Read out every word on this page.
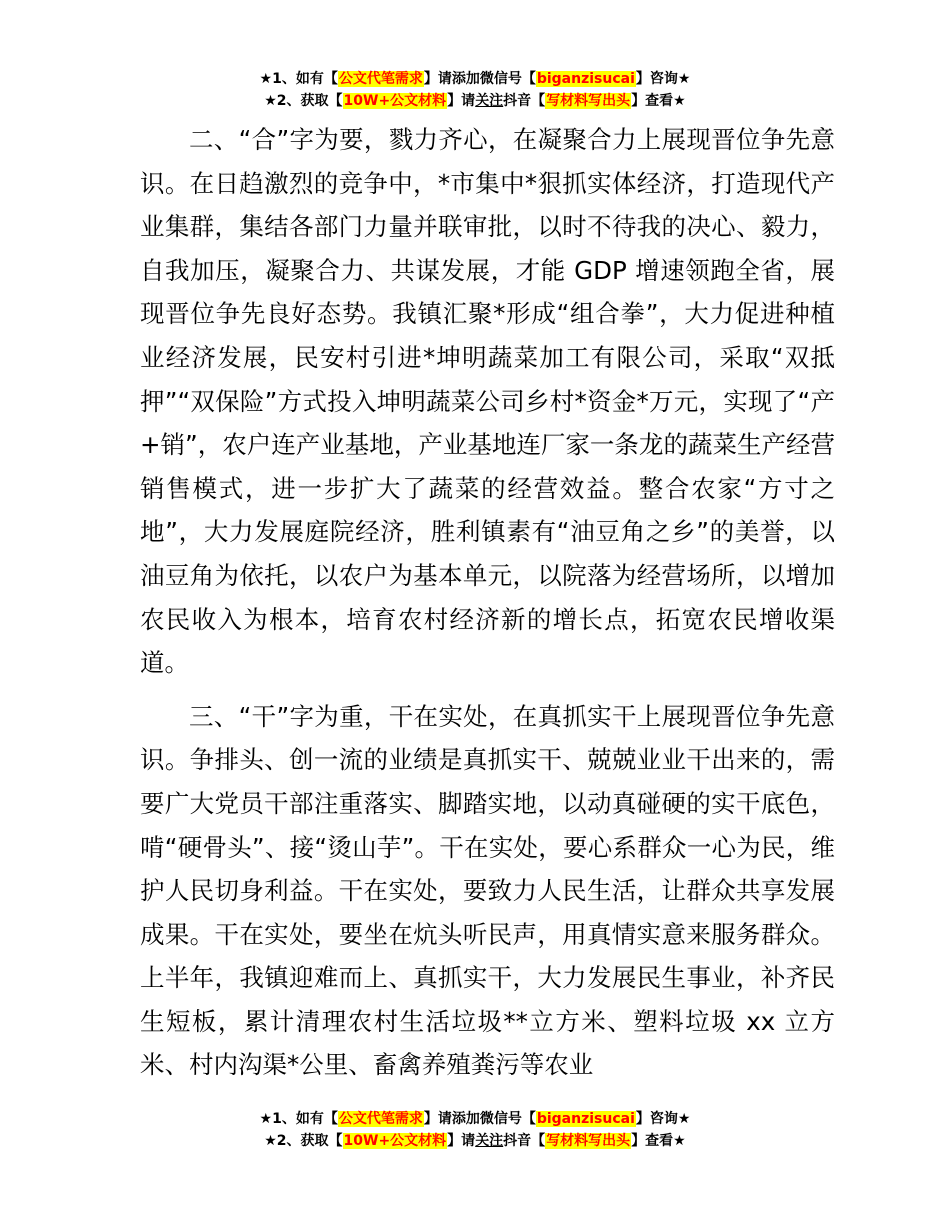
★1、如有【公文代笔需求】请添加微信号【biganzisucai】咨询★
★2、获取【10W+公文材料】请关注抖音【写材料写出头】查看★

二、“合”字为要，戮力齐心，在凝聚合力上展现晋位争先意识。在日趋激烈的竞争中，*市集中*狠抓实体经济，打造现代产业集群，集结各部门力量并联审批，以时不待我的决心、毅力，自我加压，凝聚合力、共谋发展，才能 GDP 增速领跑全省，展现晋位争先良好态势。我镇汇聚*形成“组合拳”，大力促进种植业经济发展，民安村引进*坤明蔬菜加工有限公司，采取“双抵押”“双保险”方式投入坤明蔬菜公司乡村*资金*万元，实现了“产+销”，农户连产业基地，产业基地连厂家一条龙的蔬菜生产经营销售模式，进一步扩大了蔬菜的经营效益。整合农家“方寸之地”，大力发展庭院经济，胜利镇素有“油豆角之乡”的美誉，以油豆角为依托，以农户为基本单元，以院落为经营场所，以增加农民收入为根本，培育农村经济新的增长点，拓宽农民增收渠道。

三、“干”字为重，干在实处，在真抓实干上展现晋位争先意识。争排头、创一流的业绩是真抓实干、兢兢业业干出来的，需要广大党员干部注重落实、脚踏实地，以动真碰硬的实干底色，啃“硬骨头”、接“烫山芋”。干在实处，要心系群众一心为民，维护人民切身利益。干在实处，要致力人民生活，让群众共享发展成果。干在实处，要坐在炕头听民声，用真情实意来服务群众。上半年，我镇迎难而上、真抓实干，大力发展民生事业，补齐民生短板，累计清理农村生活垃圾**立方米、塑料垃圾 xx 立方米、村内沟渠*公里、畜禽养殖粪污等农业

★1、如有【公文代笔需求】请添加微信号【biganzisucai】咨询★
★2、获取【10W+公文材料】请关注抖音【写材料写出头】查看★
